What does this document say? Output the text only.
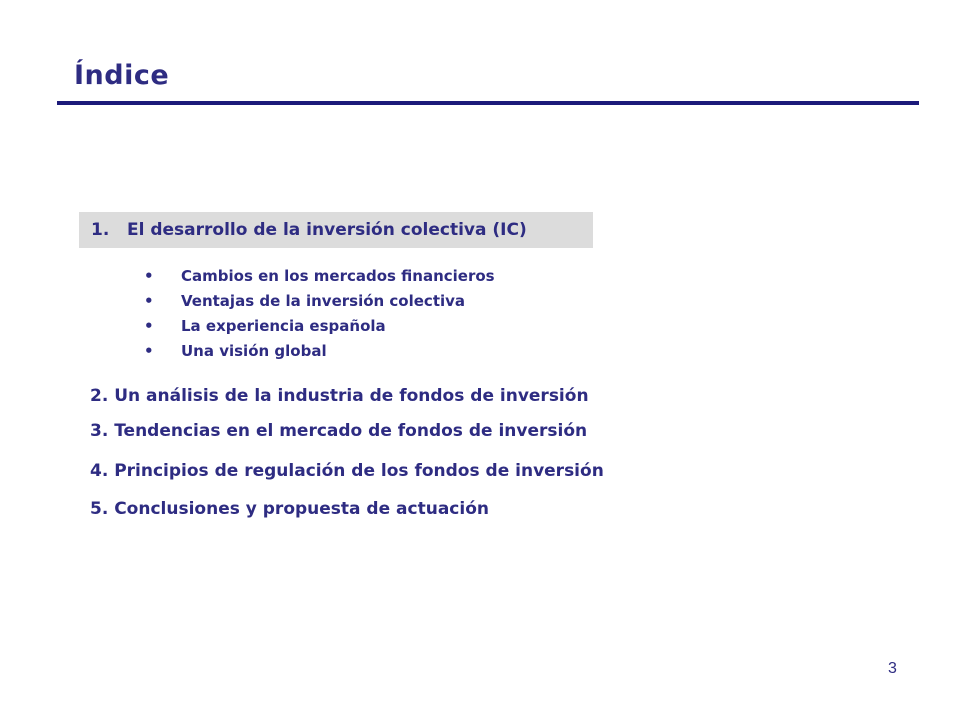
Índice
1.	El desarrollo de la inversión colectiva (IC)
•	Cambios en los mercados financieros
•	Ventajas de la inversión colectiva
•	La experiencia española
•	Una visión global
2. Un análisis de la industria de fondos de inversión
3. Tendencias en el mercado de fondos de inversión
4. Principios de regulación de los fondos de inversión
5. Conclusiones y propuesta de actuación
3
